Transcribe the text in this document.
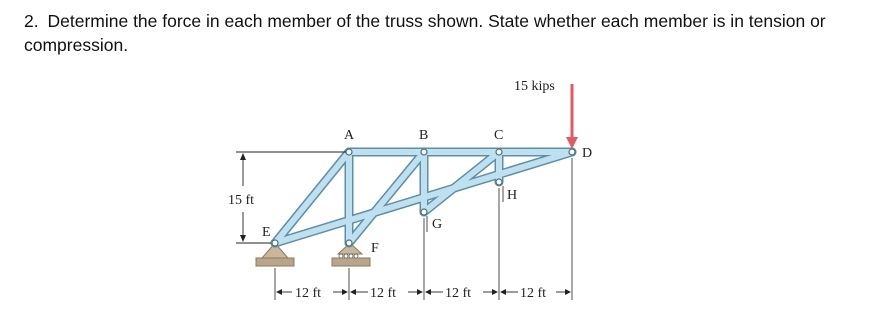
2. Determine the force in each member of the truss shown. State whether each member is in tension or compression.
15 kips
A	B	C
D
E
F
G
H
15 ft
12 ft	12 ft	12 ft	12 ft
